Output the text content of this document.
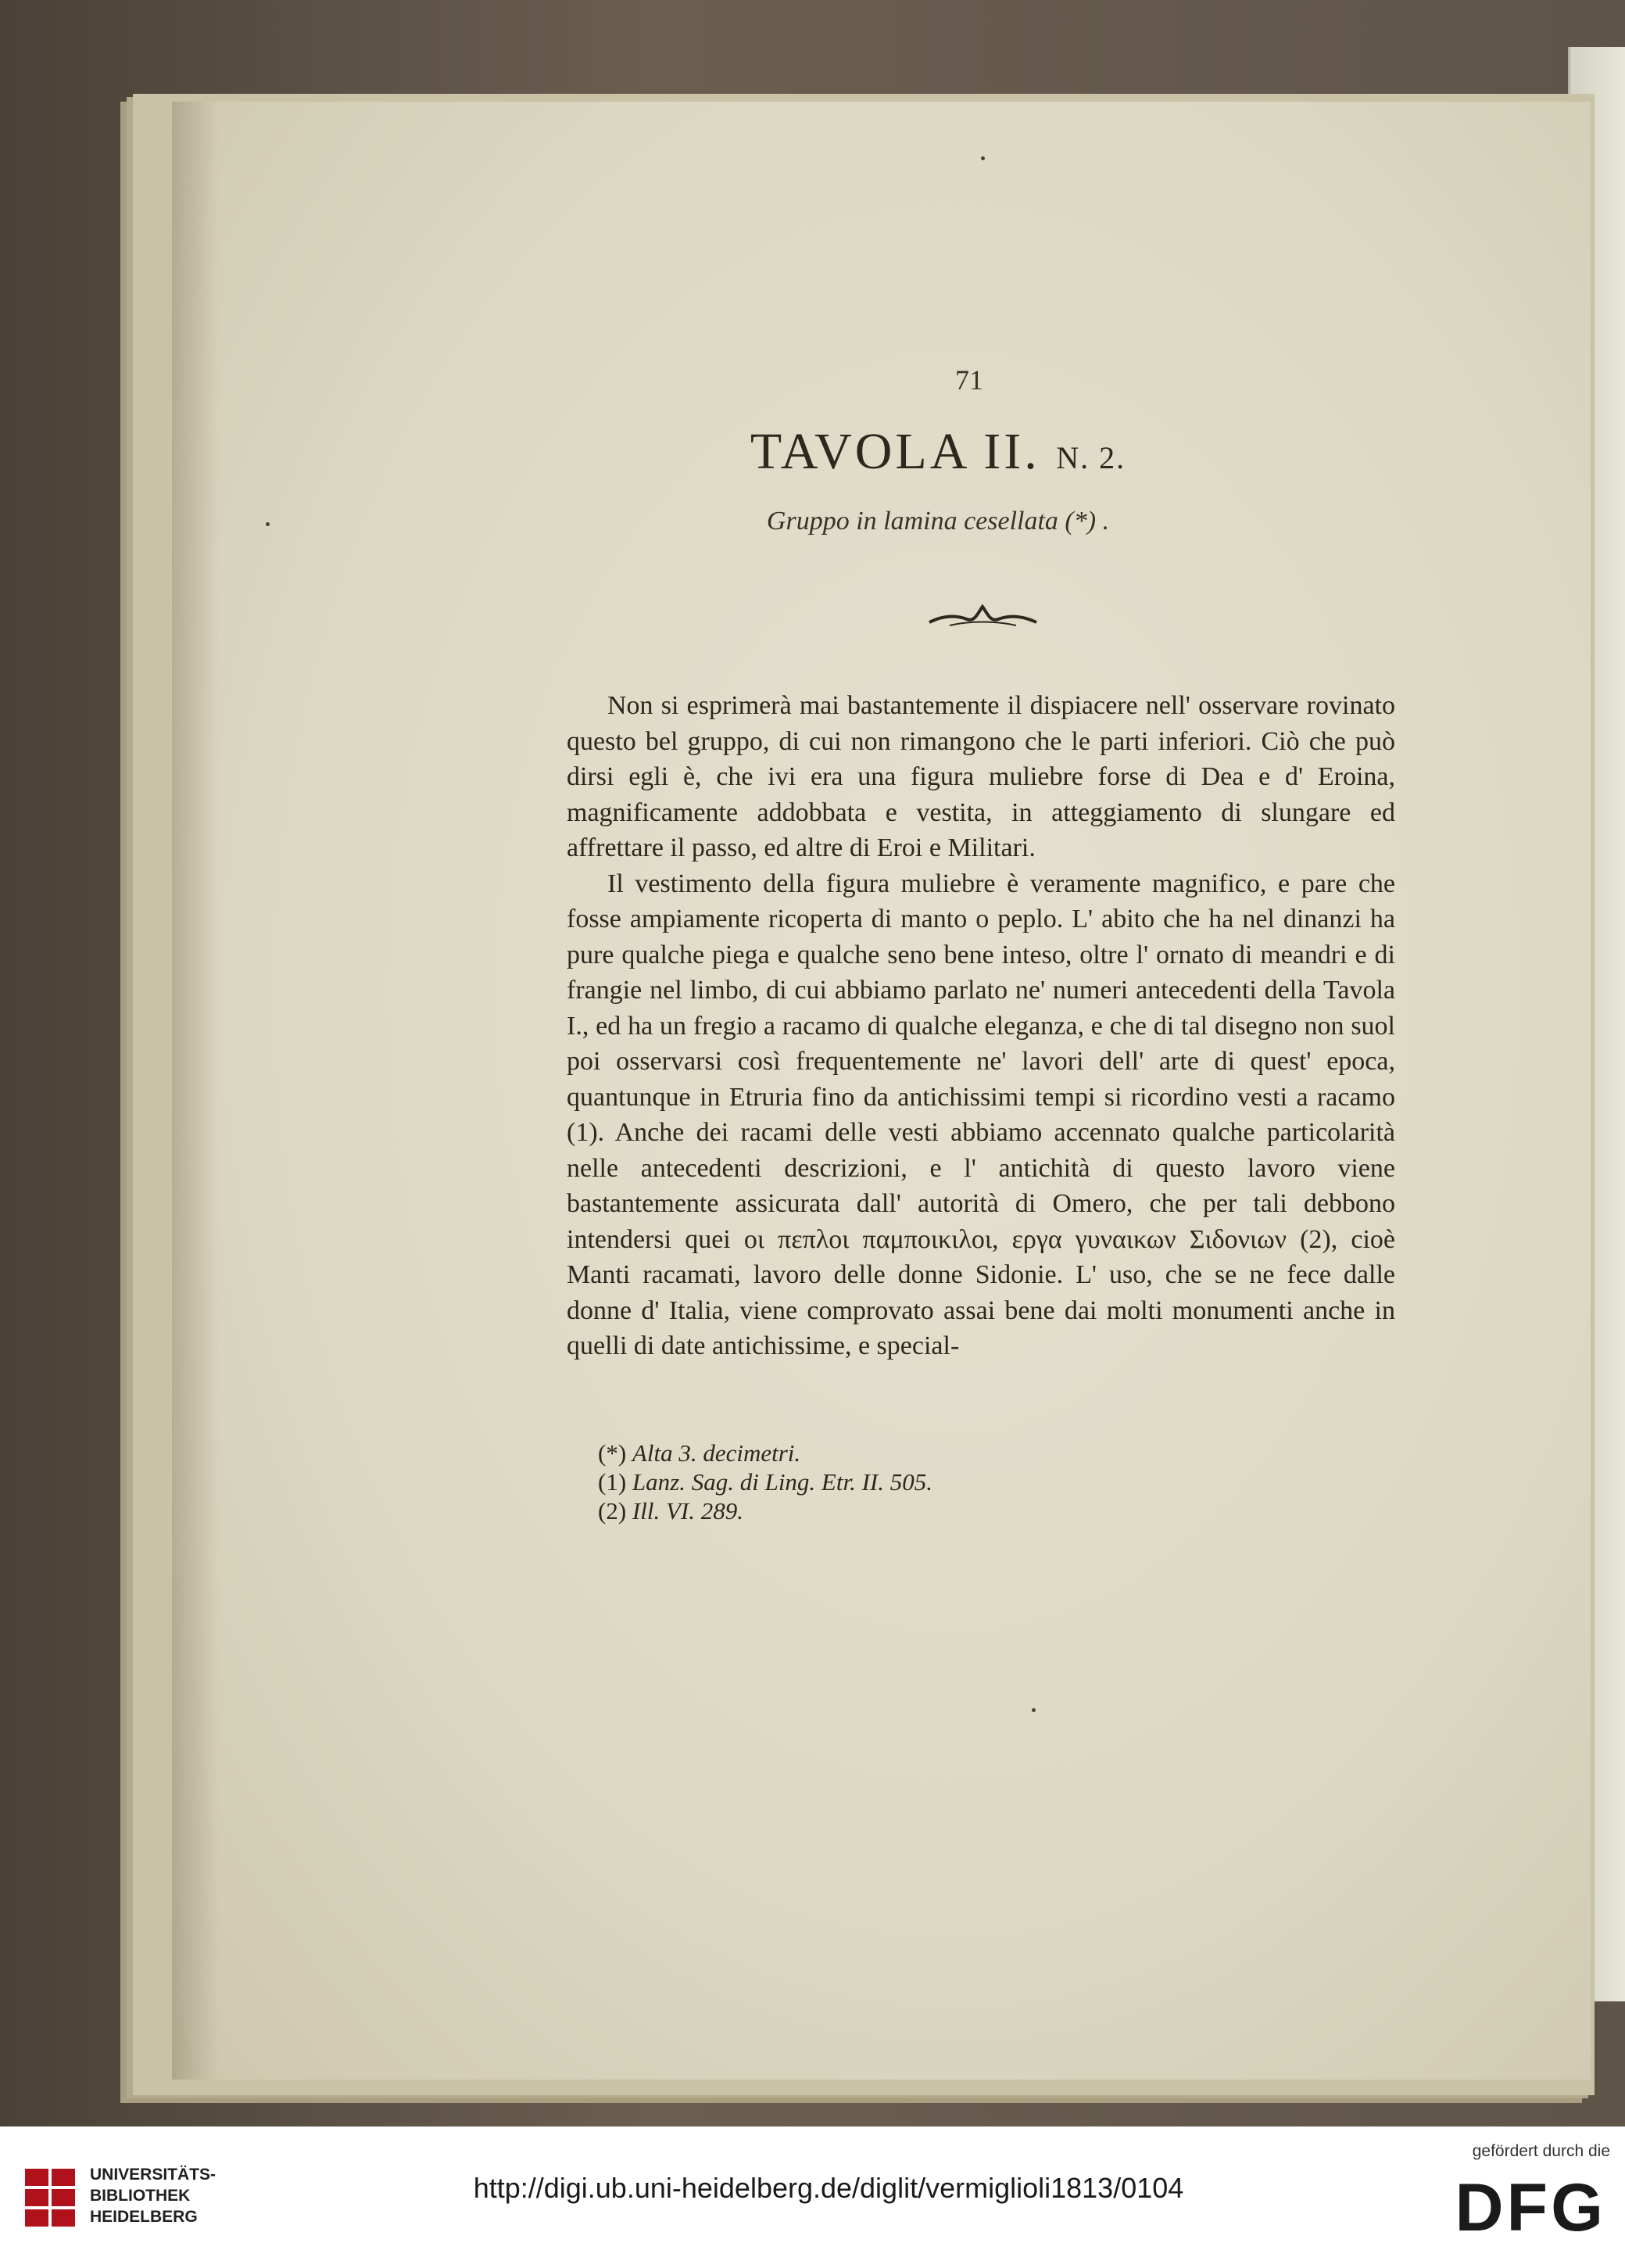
71
TAVOLA II. N. 2.
Gruppo in lamina cesellata (*) .

Non si esprimerà mai bastantemente il dispiacere nell' osservare rovinato questo bel gruppo, di cui non rimangono che le parti inferiori. Ciò che può dirsi egli è, che ivi era una figura muliebre forse di Dea e d' Eroina, magnificamente addobbata e vestita, in atteggiamento di slungare ed affrettare il passo, ed altre di Eroi e Militari.

Il vestimento della figura muliebre è veramente magnifico, e pare che fosse ampiamente ricoperta di manto o peplo. L' abito che ha nel dinanzi ha pure qualche piega e qualche seno bene inteso, oltre l' ornato di meandri e di frangie nel limbo, di cui abbiamo parlato ne' numeri antecedenti della Tavola I., ed ha un fregio a racamo di qualche eleganza, e che di tal disegno non suol poi osservarsi così frequentemente ne' lavori dell' arte di quest' epoca, quantunque in Etruria fino da antichissimi tempi si ricordino vesti a racamo (1). Anche dei racami delle vesti abbiamo accennato qualche particolarità nelle antecedenti descrizioni, e l' antichità di questo lavoro viene bastantemente assicurata dall' autorità di Omero, che per tali debbono intendersi quei οι πεπλοι παμποικιλοι, εργα γυναικων Σιδονιων (2), cioè Manti racamati, lavoro delle donne Sidonie. L' uso, che se ne fece dalle donne d' Italia, viene comprovato assai bene dai molti monumenti anche in quelli di date antichissime, e special-

(*) Alta 3. decimetri.
(1) Lanz. Sag. di Ling. Etr. II. 505.
(2) Ill. VI. 289.
UNIVERSITÄTS-
BIBLIOTHEK
HEIDELBERG
http://digi.ub.uni-heidelberg.de/diglit/vermiglioli1813/0104
gefördert durch die
DFG
